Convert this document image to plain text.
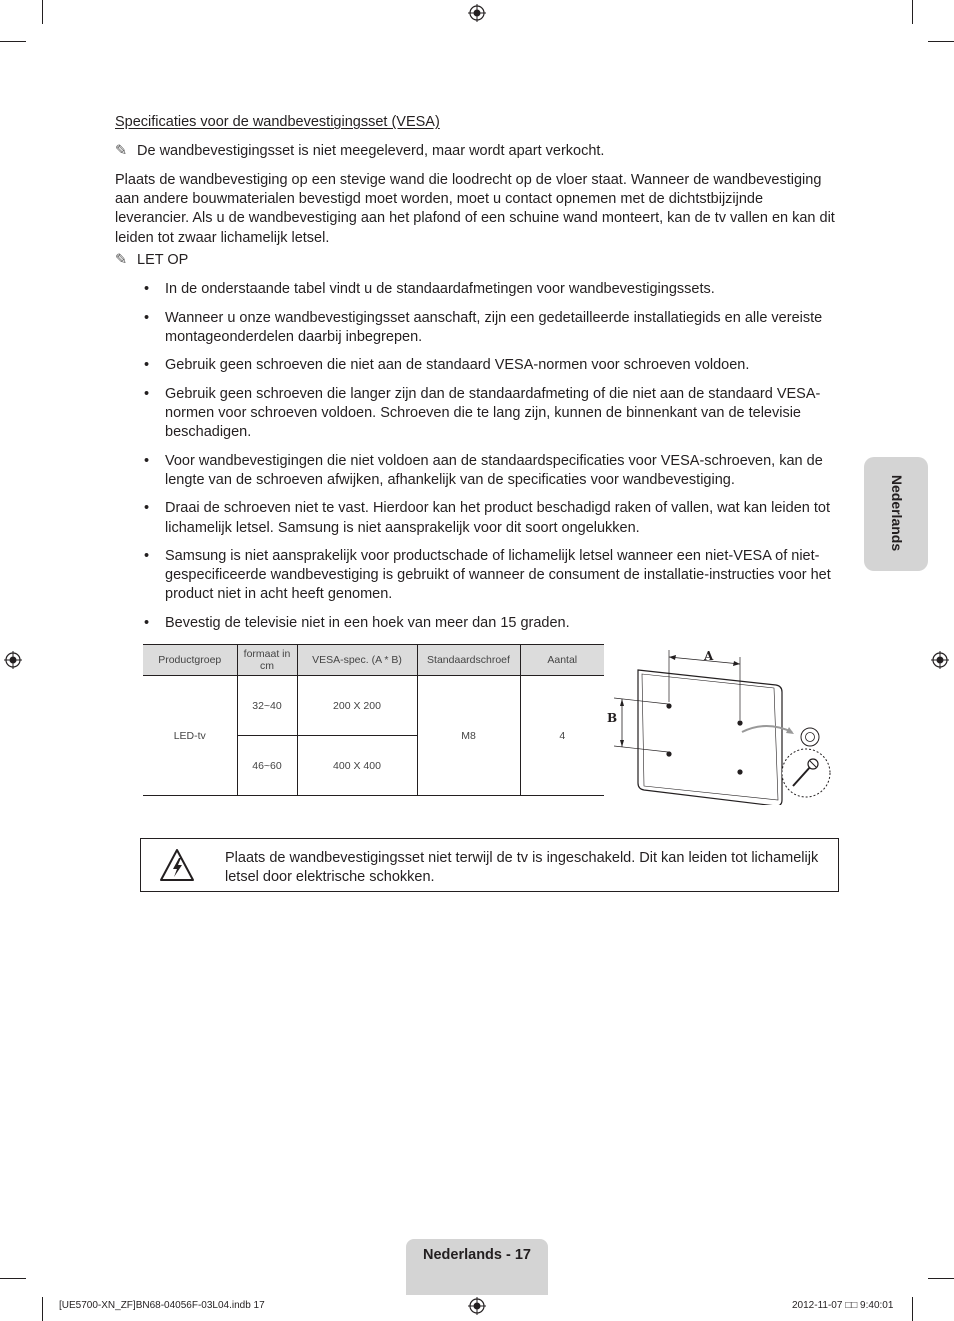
Specificaties voor de wandbevestigingsset (VESA)
✎ De wandbevestigingsset is niet meegeleverd, maar wordt apart verkocht.
Plaats de wandbevestiging op een stevige wand die loodrecht op de vloer staat. Wanneer de wandbevestiging aan andere bouwmaterialen bevestigd moet worden, moet u contact opnemen met de dichtstbijzijnde leverancier. Als u de wandbevestiging aan het plafond of een schuine wand monteert, kan de tv vallen en kan dit leiden tot zwaar lichamelijk letsel.
✎ LET OP
• In de onderstaande tabel vindt u de standaardafmetingen voor wandbevestigingssets.
• Wanneer u onze wandbevestigingsset aanschaft, zijn een gedetailleerde installatiegids en alle vereiste montageonderdelen daarbij inbegrepen.
• Gebruik geen schroeven die niet aan de standaard VESA-normen voor schroeven voldoen.
• Gebruik geen schroeven die langer zijn dan de standaardafmeting of die niet aan de standaard VESA-normen voor schroeven voldoen. Schroeven die te lang zijn, kunnen de binnenkant van de televisie beschadigen.
• Voor wandbevestigingen die niet voldoen aan de standaardspecificaties voor VESA-schroeven, kan de lengte van de schroeven afwijken, afhankelijk van de specificaties voor wandbevestiging.
• Draai de schroeven niet te vast. Hierdoor kan het product beschadigd raken of vallen, wat kan leiden tot lichamelijk letsel. Samsung is niet aansprakelijk voor dit soort ongelukken.
• Samsung is niet aansprakelijk voor productschade of lichamelijk letsel wanneer een niet-VESA of niet-gespecificeerde wandbevestiging is gebruikt of wanneer de consument de installatie-instructies voor het product niet in acht heeft genomen.
• Bevestig de televisie niet in een hoek van meer dan 15 graden.
Productgroep	formaat in cm	VESA-spec. (A * B)	Standaardschroef	Aantal
LED-tv	32~40	200 X 200	M8	4
	46~60	400 X 400		
A
B
Plaats de wandbevestigingsset niet terwijl de tv is ingeschakeld. Dit kan leiden tot lichamelijk letsel door elektrische schokken.
Nederlands
Nederlands - 17
[UE5700-XN_ZF]BN68-04056F-03L04.indb 17	2012-11-07 □□ 9:40:01
